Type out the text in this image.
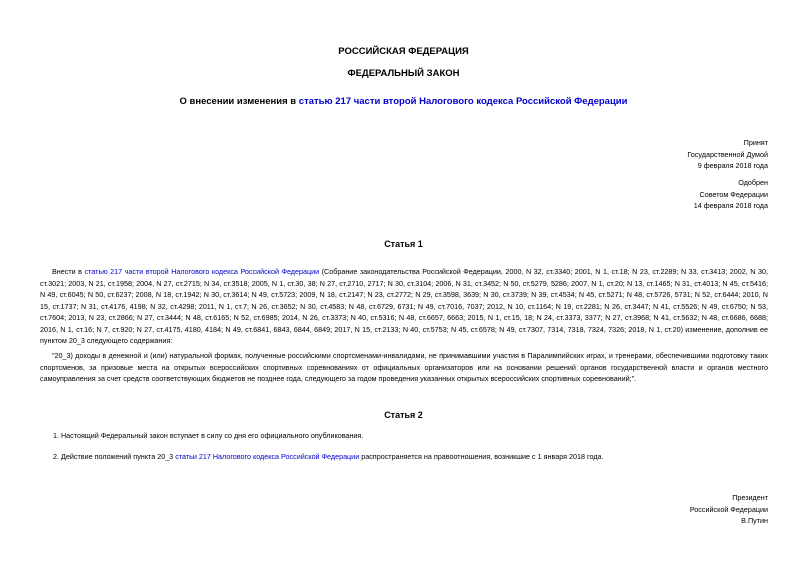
РОССИЙСКАЯ ФЕДЕРАЦИЯ
ФЕДЕРАЛЬНЫЙ ЗАКОН
О внесении изменения в статью 217 части второй Налогового кодекса Российской Федерации
Принят
Государственной Думой
9 февраля 2018 года
Одобрен
Советом Федерации
14 февраля 2018 года
Статья 1
Внести в статью 217 части второй Налогового кодекса Российской Федерации (Собрание законодательства Российской Федерации, 2000, N 32, ст.3340; 2001, N 1, ст.18; N 23, ст.2289; N 33, ст.3413; 2002, N 30, ст.3021; 2003, N 21, ст.1958; 2004, N 27, ст.2715; N 34, ст.3518; 2005, N 1, ст.30, 38; N 27, ст.2710, 2717; N 30, ст.3104; 2006, N 31, ст.3452; N 50, ст.5279, 5286; 2007, N 1, ст.20; N 13, ст.1465; N 31, ст.4013; N 45, ст.5416; N 49, ст.6045; N 50, ст.6237; 2008, N 18, ст.1942; N 30, ст.3614; N 49, ст.5723; 2009, N 18, ст.2147; N 23, ст.2772; N 29, ст.3598, 3639; N 30, ст.3739; N 39, ст.4534; N 45, ст.5271; N 48, ст.5726, 5731; N 52, ст.6444; 2010, N 15, ст.1737; N 31, ст.4176, 4198; N 32, ст.4298; 2011, N 1, ст.7; N 26, ст.3652; N 30, ст.4583; N 48, ст.6729, 6731; N 49, ст.7016, 7037; 2012, N 10, ст.1164; N 19, ст.2281; N 26, ст.3447; N 41, ст.5526; N 49, ст.6750; N 53, ст.7604; 2013, N 23, ст.2866; N 27, ст.3444; N 48, ст.6165; N 52, ст.6985; 2014, N 26, ст.3373; N 40, ст.5316; N 48, ст.6657, 6663; 2015, N 1, ст.15, 18; N 24, ст.3373, 3377; N 27, ст.3968; N 41, ст.5632; N 48, ст.6686, 6688; 2016, N 1, ст.16; N 7, ст.920; N 27, ст.4175, 4180, 4184; N 49, ст.6841, 6843, 6844, 6849; 2017, N 15, ст.2133; N 40, ст.5753; N 45, ст.6578; N 49, ст.7307, 7314, 7318, 7324, 7326; 2018, N 1, ст.20) изменение, дополнив ее пунктом 20_3 следующего содержания:
"20_3) доходы в денежной и (или) натуральной формах, полученные российскими спортсменами-инвалидами, не принимавшими участия в Паралимпийских играх, и тренерами, обеспечившими подготовку таких спортсменов, за призовые места на открытых всероссийских спортивных соревнованиях от официальных организаторов или на основании решений органов государственной власти и органов местного самоуправления за счет средств соответствующих бюджетов не позднее года, следующего за годом проведения указанных открытых всероссийских спортивных соревнований;".
Статья 2
1. Настоящий Федеральный закон вступает в силу со дня его официального опубликования.
2. Действие положений пункта 20_3 статьи 217 Налогового кодекса Российской Федерации распространяется на правоотношения, возникшие с 1 января 2018 года.
Президент
Российской Федерации
В.Путин
